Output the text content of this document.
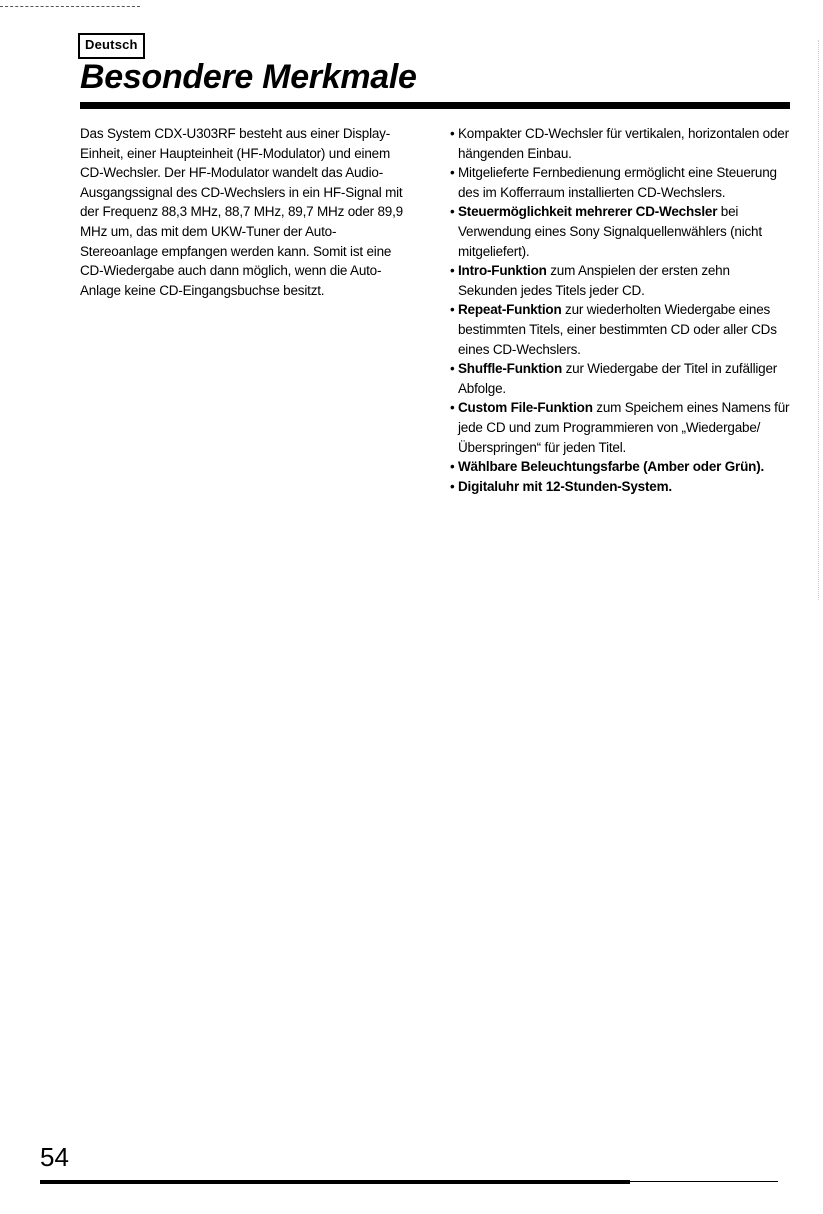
Deutsch
Besondere Merkmale

Das System CDX-U303RF besteht aus einer Display-Einheit, einer Haupteinheit (HF-Modulator) und einem CD-Wechsler. Der HF-Modulator wandelt das Audio-Ausgangssignal des CD-Wechslers in ein HF-Signal mit der Frequenz 88,3 MHz, 88,7 MHz, 89,7 MHz oder 89,9 MHz um, das mit dem UKW-Tuner der Auto-Stereoanlage empfangen werden kann. Somit ist eine CD-Wiedergabe auch dann möglich, wenn die Auto-Anlage keine CD-Eingangsbuchse besitzt.

• Kompakter CD-Wechsler für vertikalen, horizontalen oder hängenden Einbau.
• Mitgelieferte Fernbedienung ermöglicht eine Steuerung des im Kofferraum installierten CD-Wechslers.
• Steuermöglichkeit mehrerer CD-Wechsler bei Verwendung eines Sony Signalquellenwählers (nicht mitgeliefert).
• Intro-Funktion zum Anspielen der ersten zehn Sekunden jedes Titels jeder CD.
• Repeat-Funktion zur wiederholten Wiedergabe eines bestimmten Titels, einer bestimmten CD oder aller CDs eines CD-Wechslers.
• Shuffle-Funktion zur Wiedergabe der Titel in zufälliger Abfolge.
• Custom File-Funktion zum Speichem eines Namens für jede CD und zum Programmieren von „Wiedergabe/Überspringen“ für jeden Titel.
• Wählbare Beleuchtungsfarbe (Amber oder Grün).
• Digitaluhr mit 12-Stunden-System.
54
